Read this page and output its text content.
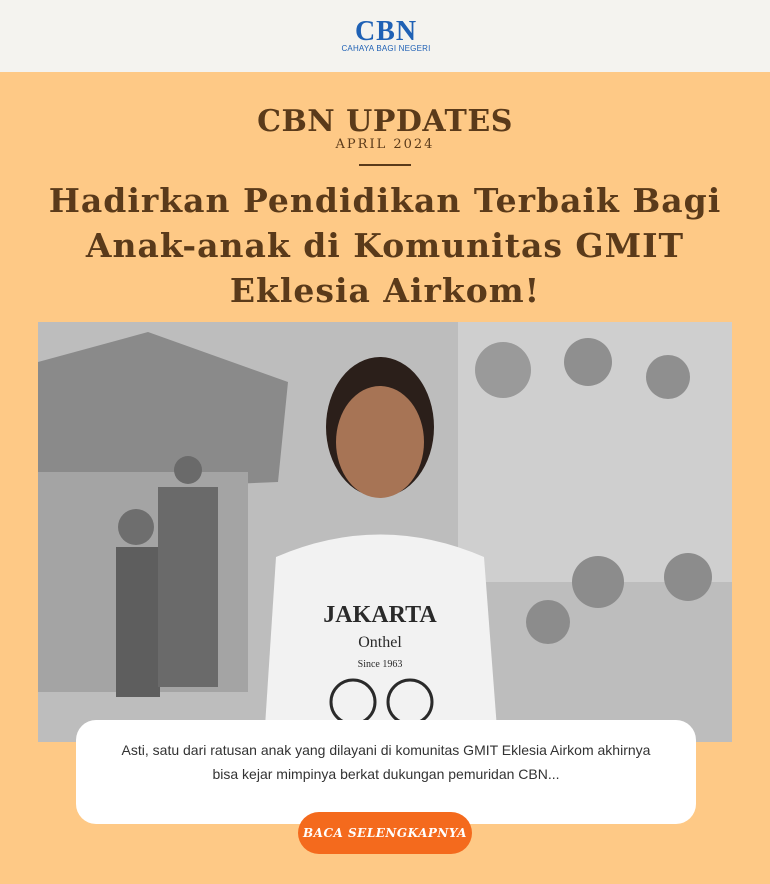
CBN
CAHAYA BAGI NEGERI
CBN UPDATES
APRIL 2024
Hadirkan Pendidikan Terbaik Bagi Anak-anak di Komunitas GMIT Eklesia Airkom!
JAKARTA
Onthel
Since 1963

Asti, satu dari ratusan anak yang dilayani di komunitas GMIT Eklesia Airkom akhirnya bisa kejar mimpinya berkat dukungan pemuridan CBN...

BACA SELENGKAPNYA
